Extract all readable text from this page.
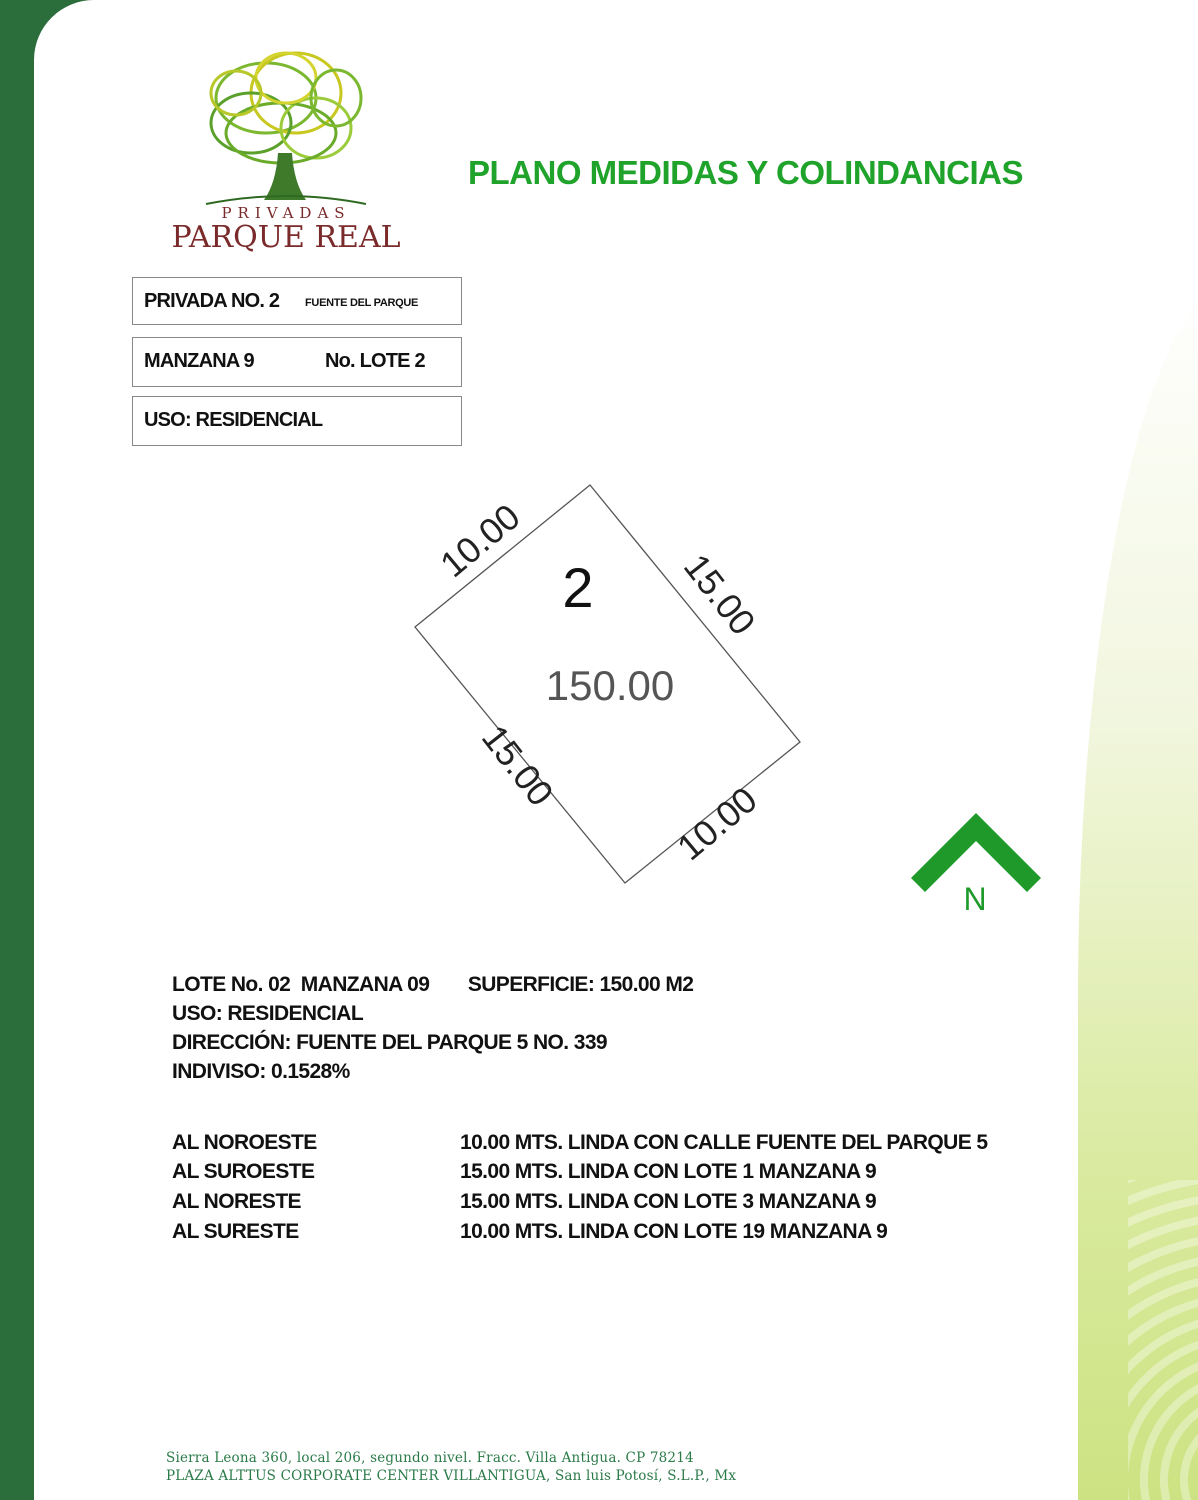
PRIVADAS
PARQUE REAL
PLANO MEDIDAS Y COLINDANCIAS
PRIVADA NO. 2 FUENTE DEL PARQUE
MANZANA 9	No. LOTE 2
USO: RESIDENCIAL
10.00
15.00
15.00
10.00
2
150.00
N
LOTE No. 02 MANZANA 09 SUPERFICIE: 150.00 M2
USO: RESIDENCIAL
DIRECCIÓN: FUENTE DEL PARQUE 5 NO. 339
INDIVISO: 0.1528%
AL NOROESTE	10.00 MTS. LINDA CON CALLE FUENTE DEL PARQUE 5
AL SUROESTE	15.00 MTS. LINDA CON LOTE 1 MANZANA 9
AL NORESTE	15.00 MTS. LINDA CON LOTE 3 MANZANA 9
AL SURESTE	10.00 MTS. LINDA CON LOTE 19 MANZANA 9
Sierra Leona 360, local 206, segundo nivel. Fracc. Villa Antigua. CP 78214
PLAZA ALTTUS CORPORATE CENTER VILLANTIGUA, San luis Potosí, S.L.P., Mx
